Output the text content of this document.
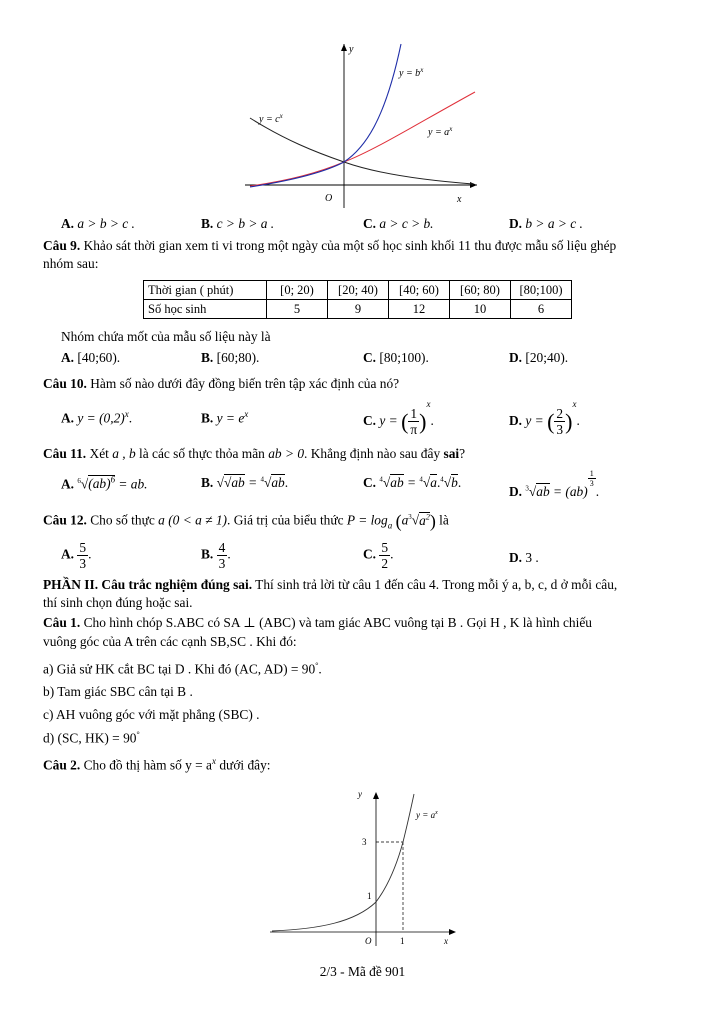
y
x
O
$y = b^x$
$y = c^x$
$y = a^x$
A. a > b > c .	B. c > b > a .	C. a > c > b.	D. b > a > c .
Câu 9. Khảo sát thời gian xem ti vi trong một ngày của một số học sinh khối 11 thu được mẫu số liệu ghép
nhóm sau:
Thời gian ( phút)	[0; 20)	[20; 40)	[40; 60)	[60; 80)	[80;100)
Số học sinh	5	9	12	10	6
Nhóm chứa mốt của mẫu số liệu này là
A. [40;60).	B. [60;80).	C. [80;100).	D. [20;40).
Câu 10. Hàm số nào dưới đây đồng biến trên tập xác định của nó?
A. $y = (0,2)^x$.	B. $y = e^x$	C. y = ( $\frac{1}{\pi} )^x$.	D. y = ( $\frac{2}{3} )^x$.
Câu 11. Xét a , b là các số thực thỏa mãn ab > 0. Khẳng định nào sau đây sai?
A. $^6$√(ab)$^6$ = ab.	B. √√ab = $^4$√ab.	C. $^4$√ab = $^4$√a.$^4$√b.
D. $^3$√ab = (ab)
$\frac{1}{3}$
.
Câu 12. Cho số thực a (0 < a ≠ 1). Giá trị của biểu thức $P = \log_a (a^3√a^2)$ là
A. $\frac{5}{3}$ .	B. $\frac{4}{3}$ .	C. $\frac{5}{2}$ .	D. 3 .
PHẦN II. Câu trắc nghiệm đúng sai. Thí sinh trả lời từ câu 1 đến câu 4. Trong mỗi ý a, b, c, d ở mỗi câu,
thí sinh chọn đúng hoặc sai.
Câu 1. Cho hình chóp S.ABC có SA ⊥ (ABC) và tam giác ABC vuông tại B . Gọi H , K là hình chiếu
vuông góc của A trên các cạnh SB,SC . Khi đó:
a) Giả sử HK cắt BC tại D . Khi đó (AC, AD) = 90°.
b) Tam giác SBC cân tại B .
c) AH vuông góc với mặt phẳng (SBC) .
d) (SC, HK) = 90°
Câu 2. Cho đồ thị hàm số $y = a^x$ dưới đây:
y
x
O
3
1
1
$y = a^x$
2/3 - Mã đề 901
